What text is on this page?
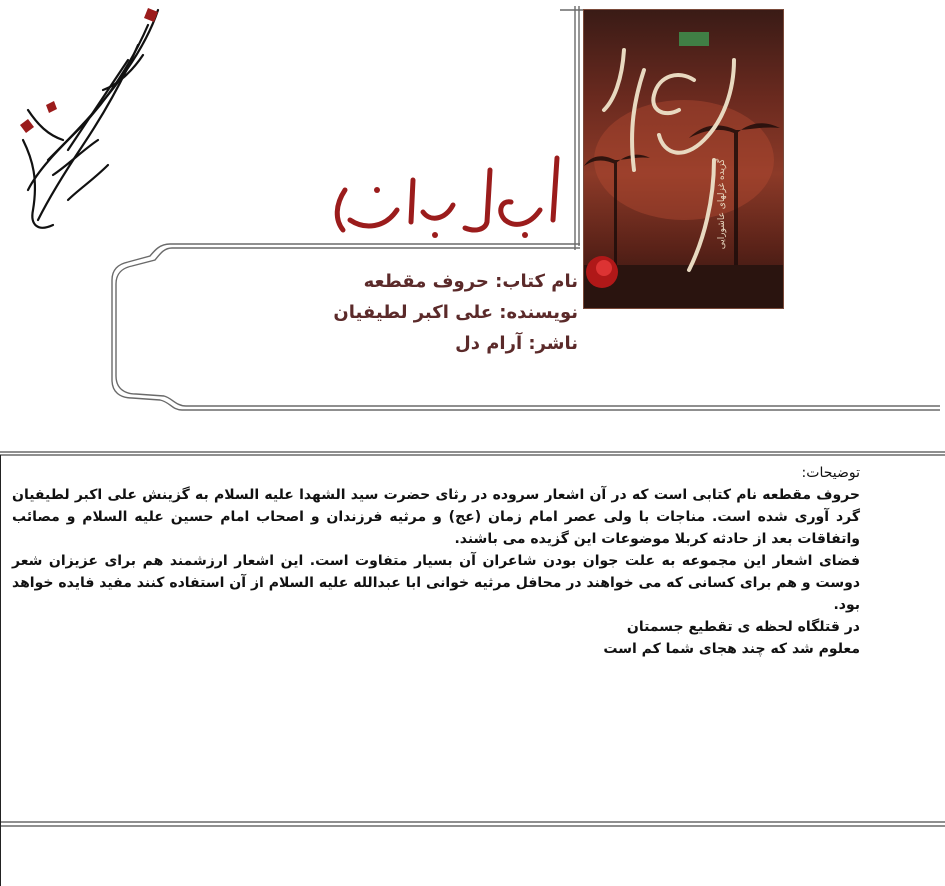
گزیده غزلهای عاشورایی
نام کتاب: حروف مقطعه
نویسنده: علی اکبر لطیفیان
ناشر: آرام دل

توضیحات:

حروف مقطعه نام کتابی است که در آن اشعار سروده در رثای حضرت سید الشهدا علیه السلام به گزینش علی اکبر لطیفیان گرد آوری شده است. مناجات با ولی عصر امام زمان (عج) و مرثیه فرزندان و اصحاب امام حسین علیه السلام و مصائب واتفاقات بعد از حادثه کربلا موضوعات این گزیده می باشند.

فضای اشعار این مجموعه به علت جوان بودن شاعران آن بسیار متفاوت است. این اشعار ارزشمند هم برای عزیزان شعر دوست و هم برای کسانی که می خواهند در محافل مرثیه خوانی ابا عبدالله علیه السلام از آن استفاده کنند مفید فایده خواهد بود.

در قتلگاه لحظه ی تقطیع جسمتان

معلوم شد که چند هجای شما کم است
